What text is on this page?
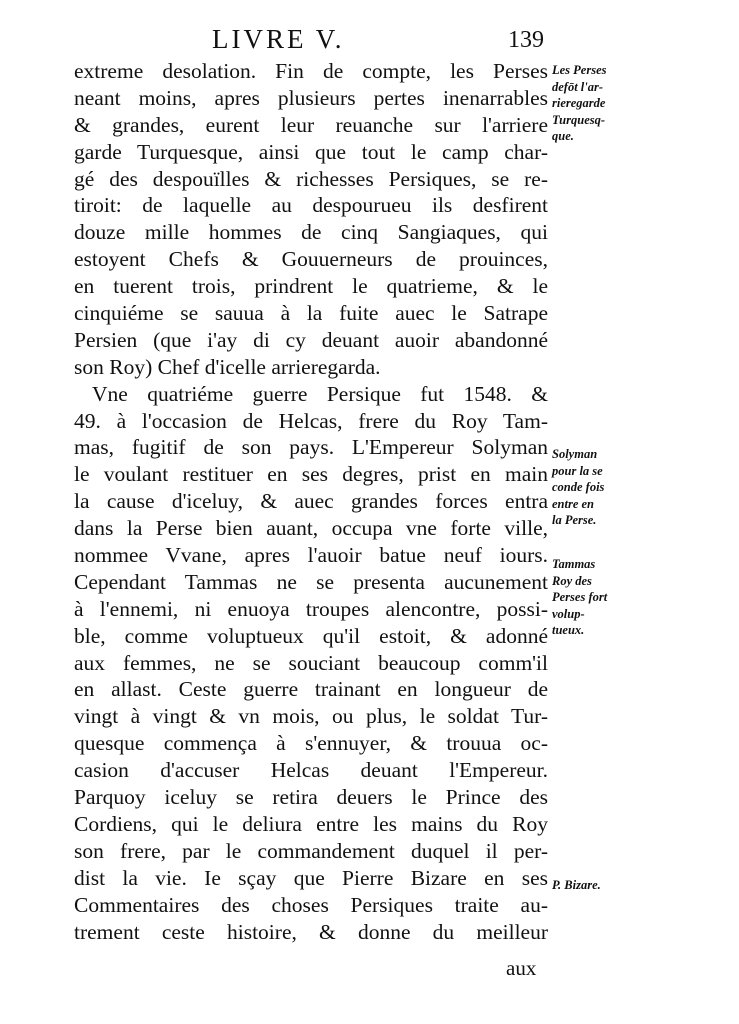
LIVRE V.	139
extreme desolation. Fin de compte, les Perses
neant moins, apres plusieurs pertes inenarrables
& grandes, eurent leur reuanche sur l'arriere
garde Turquesque, ainsi que tout le camp char-
gé des despouïlles & richesses Persiques, se re-
tiroit: de laquelle au despourueu ils desfirent
douze mille hommes de cinq Sangiaques, qui
estoyent Chefs & Gouuerneurs de prouinces,
en tuerent trois, prindrent le quatrieme, & le
cinquiéme se sauua à la fuite auec le Satrape
Persien (que i'ay di cy deuant auoir abandonné
son Roy) Chef d'icelle arrieregarda.
Vne quatriéme guerre Persique fut 1548. &
49. à l'occasion de Helcas, frere du Roy Tam-
mas, fugitif de son pays. L'Empereur Solyman
le voulant restituer en ses degres, prist en main
la cause d'iceluy, & auec grandes forces entra
dans la Perse bien auant, occupa vne forte ville,
nommee Vvane, apres l'auoir batue neuf iours.
Cependant Tammas ne se presenta aucunement
à l'ennemi, ni enuoya troupes alencontre, possi-
ble, comme voluptueux qu'il estoit, & adonné
aux femmes, ne se souciant beaucoup comm'il
en allast. Ceste guerre trainant en longueur de
vingt à vingt & vn mois, ou plus, le soldat Tur-
quesque commença à s'ennuyer, & trouua oc-
casion d'accuser Helcas deuant l'Empereur.
Parquoy iceluy se retira deuers le Prince des
Cordiens, qui le deliura entre les mains du Roy
son frere, par le commandement duquel il per-
dist la vie. Ie sçay que Pierre Bizare en ses
Commentaires des choses Persiques traite au-
trement ceste histoire, & donne du meilleur
Les Perses
defōt l'ar-
rieregarde
Turquesq-
que.
Solyman
pour la se
conde fois
entre en
la Perse.
Tammas
Roy des
Perses fort
volup-
tueux.
P. Bizare.
aux
